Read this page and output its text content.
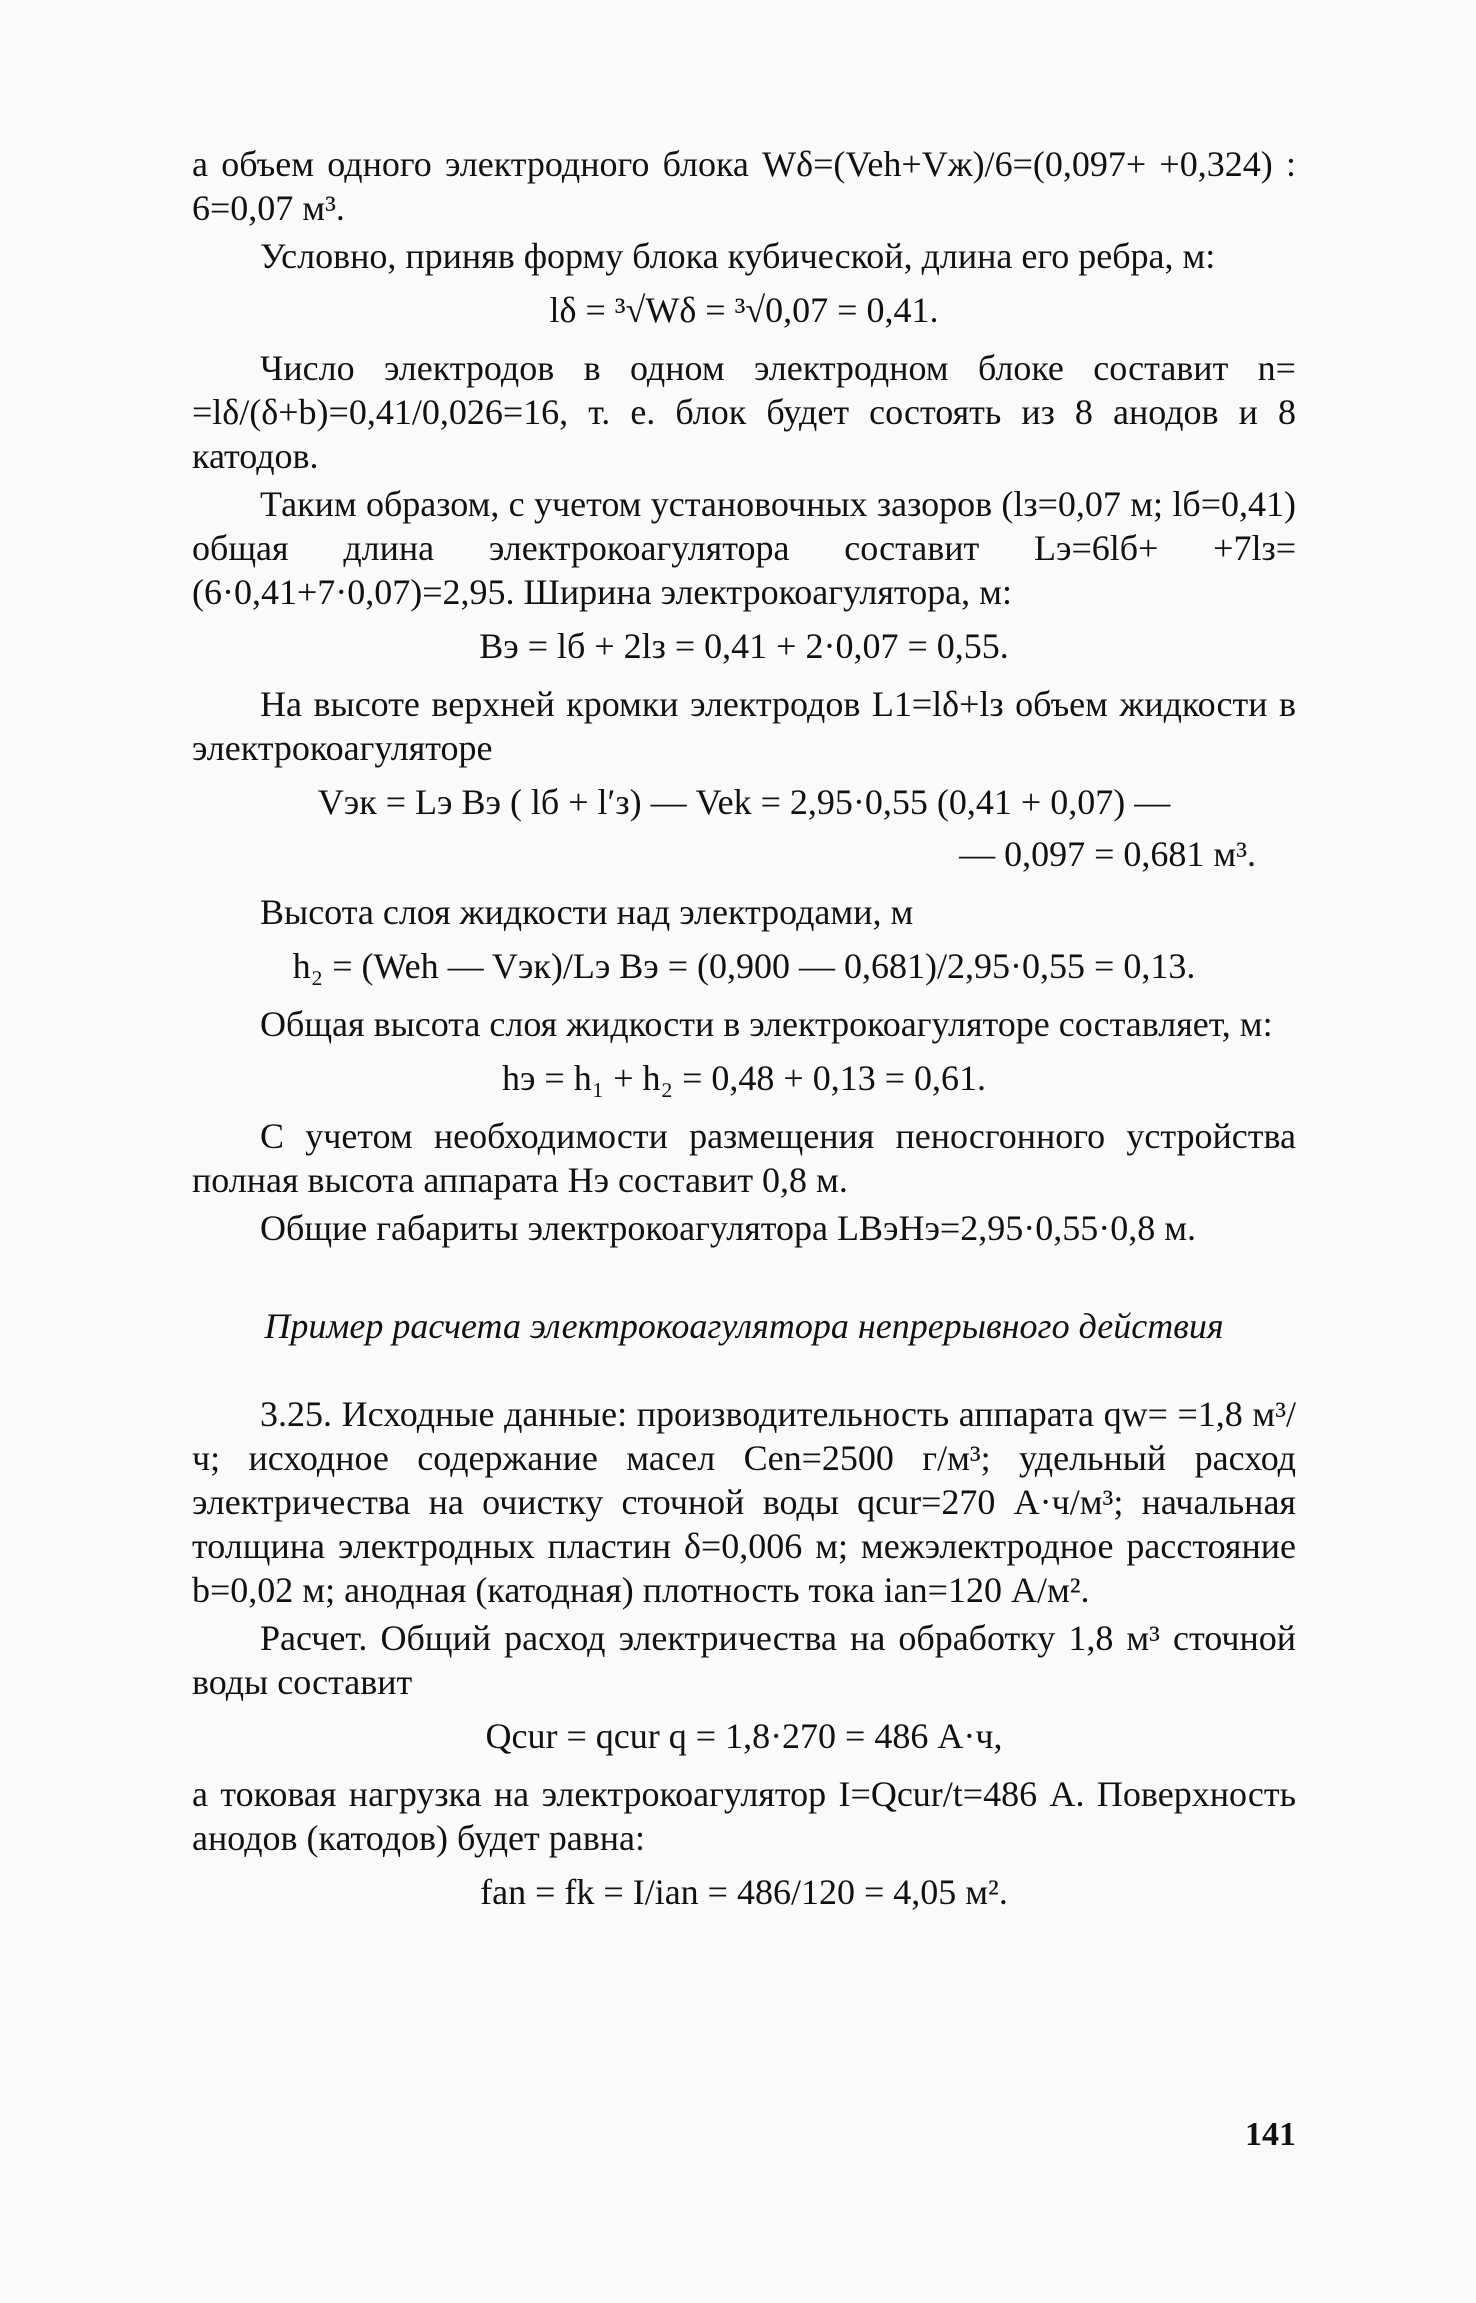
а объем одного электродного блока Wδ=(Veh+Vж)/6=(0,097+ +0,324) : 6=0,07 м³.

Условно, приняв форму блока кубической, длина его ребра, м:

lδ = ³√Wδ = ³√0,07 = 0,41.

Число электродов в одном электродном блоке составит n= =lδ/(δ+b)=0,41/0,026=16, т. е. блок будет состоять из 8 анодов и 8 катодов.

Таким образом, с учетом установочных зазоров (lз=0,07 м; lб=0,41) общая длина электрокоагулятора составит Lэ=6lб+ +7lз=(6·0,41+7·0,07)=2,95. Ширина электрокоагулятора, м:

Bэ = lб + 2lз = 0,41 + 2·0,07 = 0,55.

На высоте верхней кромки электродов L1=lδ+lз объем жидкости в электрокоагуляторе

Vэк = Lэ Bэ ( lб + l′з) — Vek = 2,95·0,55 (0,41 + 0,07) —

— 0,097 = 0,681 м³.

Высота слоя жидкости над электродами, м

h₂ = (Weh — Vэк)/Lэ Bэ = (0,900 — 0,681)/2,95·0,55 = 0,13.

Общая высота слоя жидкости в электрокоагуляторе составляет, м:

hэ = h₁ + h₂ = 0,48 + 0,13 = 0,61.

С учетом необходимости размещения пеносгонного устройства полная высота аппарата Hэ составит 0,8 м.

Общие габариты электрокоагулятора LBэHэ=2,95·0,55·0,8 м.

Пример расчета электрокоагулятора непрерывного действия

3.25. Исходные данные: производительность аппарата qw= =1,8 м³/ч; исходное содержание масел Cen=2500 г/м³; удельный расход электричества на очистку сточной воды qcur=270 А·ч/м³; начальная толщина электродных пластин δ=0,006 м; межэлектродное расстояние b=0,02 м; анодная (катодная) плотность тока ian=120 А/м².

Расчет. Общий расход электричества на обработку 1,8 м³ сточной воды составит

Qcur = qcur q = 1,8·270 = 486 А·ч,

а токовая нагрузка на электрокоагулятор I=Qcur/t=486 А. Поверхность анодов (катодов) будет равна:

fan = fk = I/ian = 486/120 = 4,05 м².

141
